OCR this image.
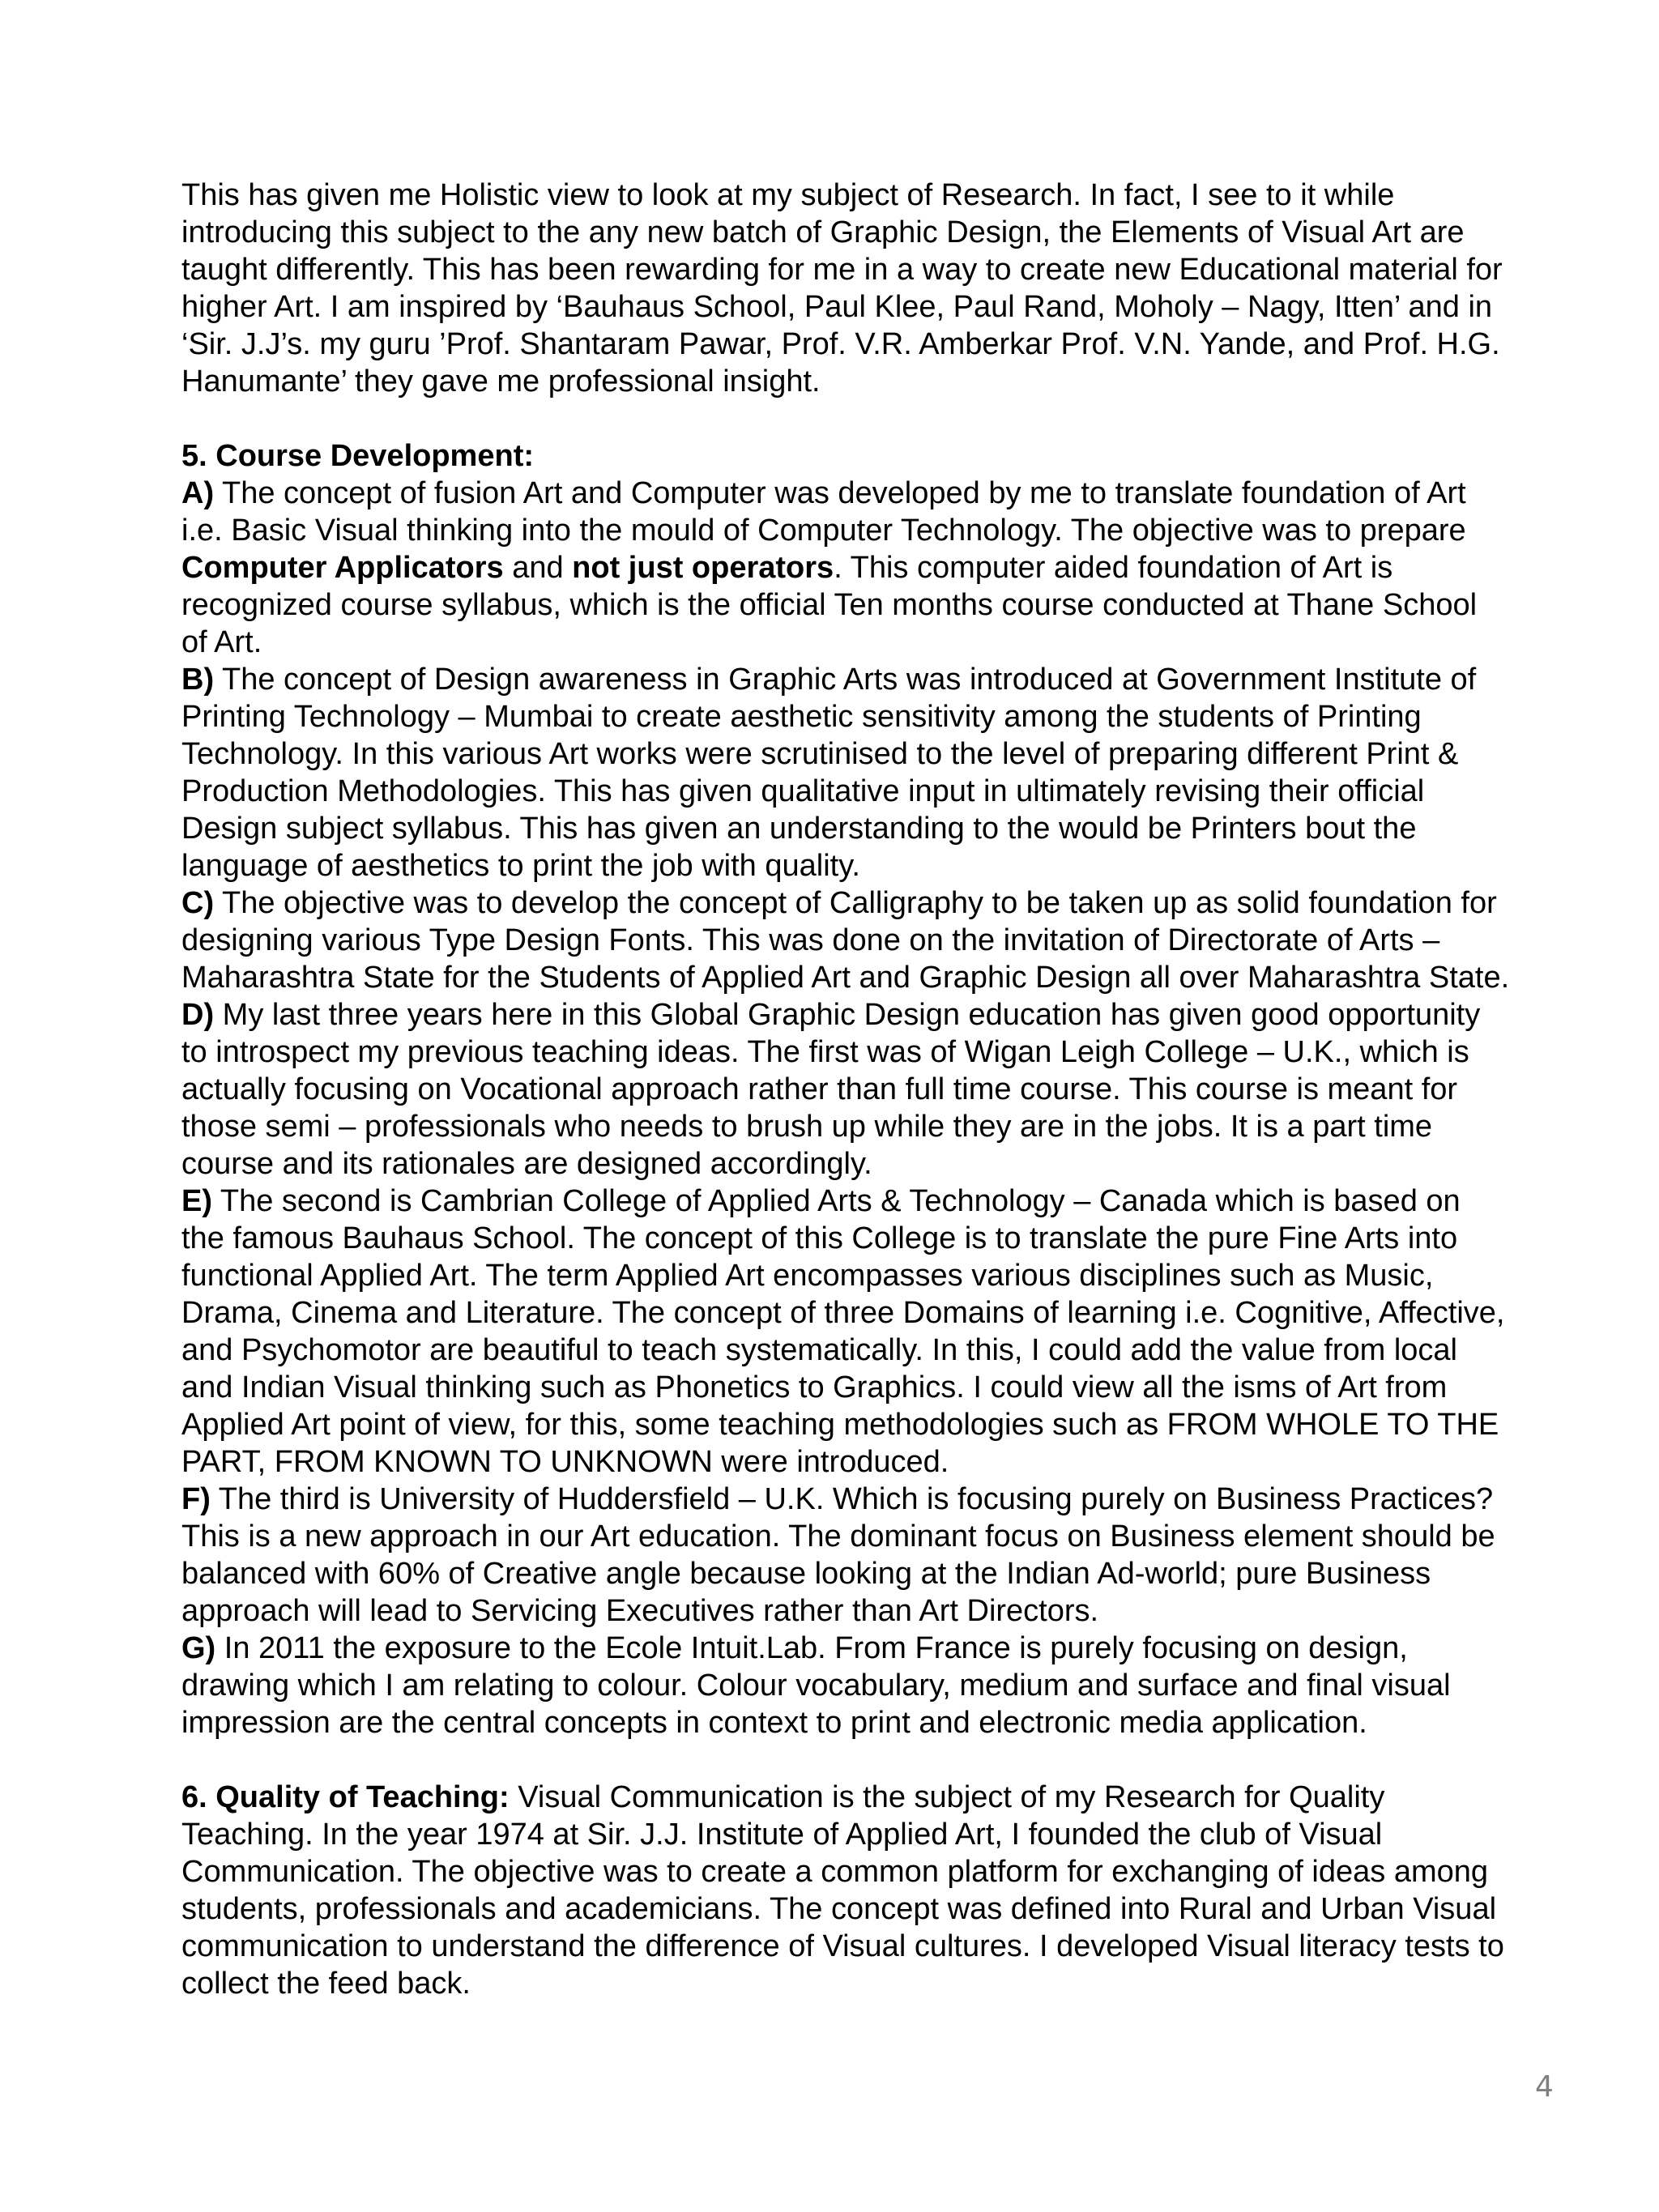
This has given me Holistic view to look at my subject of Research. In fact, I see to it while introducing this subject to the any new batch of Graphic Design, the Elements of Visual Art are taught differently. This has been rewarding for me in a way to create new Educational material for higher Art. I am inspired by ‘Bauhaus School, Paul Klee, Paul Rand, Moholy – Nagy, Itten’ and in ‘Sir. J.J’s. my guru ’Prof. Shantaram Pawar, Prof. V.R. Amberkar Prof. V.N. Yande, and Prof. H.G. Hanumante’ they gave me professional insight.

5. Course Development:

A) The concept of fusion Art and Computer was developed by me to translate foundation of Art i.e. Basic Visual thinking into the mould of Computer Technology. The objective was to prepare Computer Applicators and not just operators. This computer aided foundation of Art is recognized course syllabus, which is the official Ten months course conducted at Thane School of Art.

B) The concept of Design awareness in Graphic Arts was introduced at Government Institute of Printing Technology – Mumbai to create aesthetic sensitivity among the students of Printing Technology. In this various Art works were scrutinised to the level of preparing different Print & Production Methodologies. This has given qualitative input in ultimately revising their official Design subject syllabus. This has given an understanding to the would be Printers bout the language of aesthetics to print the job with quality.

C) The objective was to develop the concept of Calligraphy to be taken up as solid foundation for designing various Type Design Fonts. This was done on the invitation of Directorate of Arts – Maharashtra State for the Students of Applied Art and Graphic Design all over Maharashtra State.

D) My last three years here in this Global Graphic Design education has given good opportunity to introspect my previous teaching ideas. The first was of Wigan Leigh College – U.K., which is actually focusing on Vocational approach rather than full time course. This course is meant for those semi – professionals who needs to brush up while they are in the jobs. It is a part time course and its rationales are designed accordingly.

E) The second is Cambrian College of Applied Arts & Technology – Canada which is based on the famous Bauhaus School. The concept of this College is to translate the pure Fine Arts into functional Applied Art. The term Applied Art encompasses various disciplines such as Music, Drama, Cinema and Literature. The concept of three Domains of learning i.e. Cognitive, Affective, and Psychomotor are beautiful to teach systematically. In this, I could add the value from local and Indian Visual thinking such as Phonetics to Graphics. I could view all the isms of Art from Applied Art point of view, for this, some teaching methodologies such as FROM WHOLE TO THE PART, FROM KNOWN TO UNKNOWN were introduced.

F) The third is University of Huddersfield – U.K. Which is focusing purely on Business Practices? This is a new approach in our Art education. The dominant focus on Business element should be balanced with 60% of Creative angle because looking at the Indian Ad-world; pure Business approach will lead to Servicing Executives rather than Art Directors.

G) In 2011 the exposure to the Ecole Intuit.Lab. From France is purely focusing on design, drawing which I am relating to colour. Colour vocabulary, medium and surface and final visual impression are the central concepts in context to print and electronic media application.

6. Quality of Teaching: Visual Communication is the subject of my Research for Quality Teaching. In the year 1974 at Sir. J.J. Institute of Applied Art, I founded the club of Visual Communication. The objective was to create a common platform for exchanging of ideas among students, professionals and academicians. The concept was defined into Rural and Urban Visual communication to understand the difference of Visual cultures. I developed Visual literacy tests to collect the feed back.

4
